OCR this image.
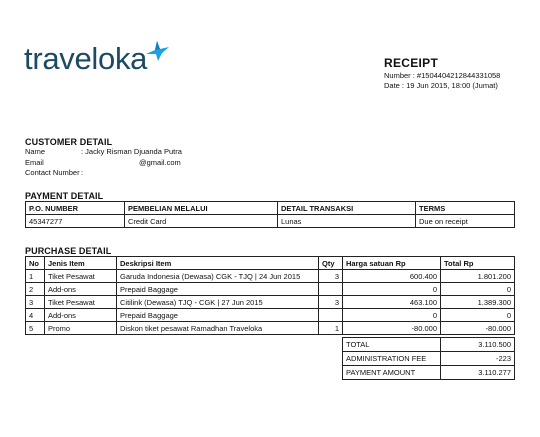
traveloka	RECEIPT
Number : #1504404212844331058
Date : 19 Jun 2015, 18:00 (Jumat)
CUSTOMER DETAIL
Name	: Jacky Risman Djuanda Putra
Email	@gmail.com
Contact Number :
PAYMENT DETAIL
P.O. NUMBER	PEMBELIAN MELALUI	DETAIL TRANSAKSI	TERMS
45347277	Credit Card	Lunas	Due on receipt
PURCHASE DETAIL
No	Jenis Item	Deskripsi Item	Qty	Harga satuan Rp	Total Rp
1	Tiket Pesawat	Garuda Indonesia (Dewasa) CGK - TJQ | 24 Jun 2015	3	600.400	1.801.200
2	Add-ons	Prepaid Baggage		0	0
3	Tiket Pesawat	Citilink (Dewasa) TJQ - CGK | 27 Jun 2015	3	463.100	1.389.300
4	Add-ons	Prepaid Baggage		0	0
5	Promo	Diskon tiket pesawat Ramadhan Traveloka	1	-80.000	-80.000
TOTAL	3.110.500
ADMINISTRATION FEE	-223
PAYMENT AMOUNT	3.110.277
